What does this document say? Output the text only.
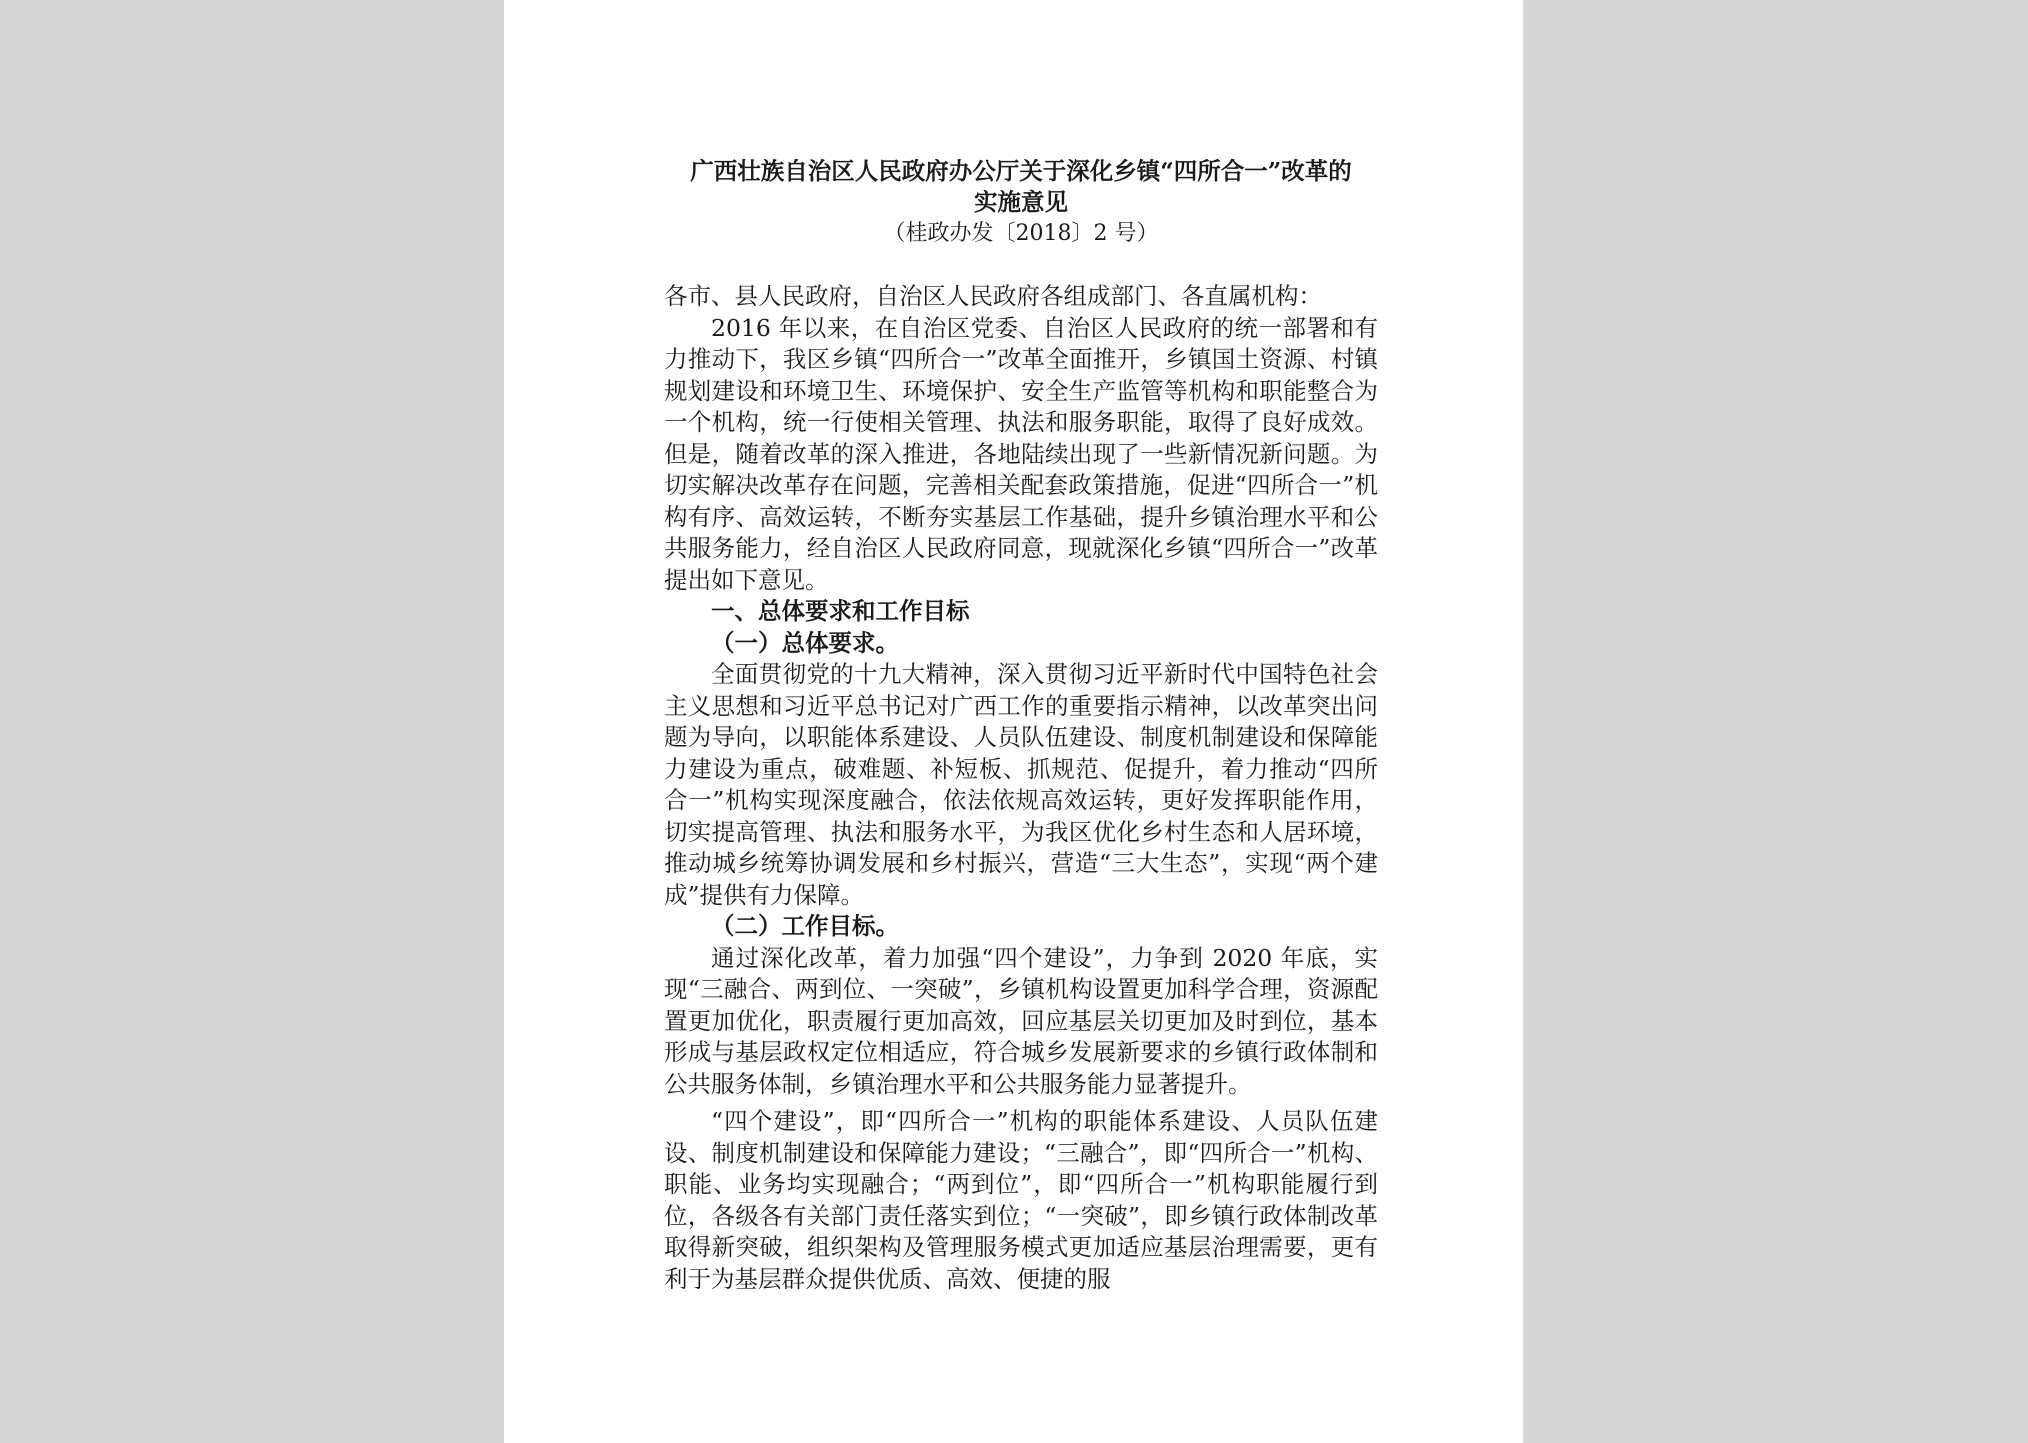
广西壮族自治区人民政府办公厅关于深化乡镇“四所合一”改革的
实施意见
（桂政办发〔2018〕2 号）

各市、县人民政府，自治区人民政府各组成部门、各直属机构：

2016 年以来，在自治区党委、自治区人民政府的统一部署和有力推动下，我区乡镇“四所合一”改革全面推开，乡镇国土资源、村镇规划建设和环境卫生、环境保护、安全生产监管等机构和职能整合为一个机构，统一行使相关管理、执法和服务职能，取得了良好成效。但是，随着改革的深入推进，各地陆续出现了一些新情况新问题。为切实解决改革存在问题，完善相关配套政策措施，促进“四所合一”机构有序、高效运转，不断夯实基层工作基础，提升乡镇治理水平和公共服务能力，经自治区人民政府同意，现就深化乡镇“四所合一”改革提出如下意见。

一、总体要求和工作目标

（一）总体要求。

全面贯彻党的十九大精神，深入贯彻习近平新时代中国特色社会主义思想和习近平总书记对广西工作的重要指示精神，以改革突出问题为导向，以职能体系建设、人员队伍建设、制度机制建设和保障能力建设为重点，破难题、补短板、抓规范、促提升，着力推动“四所合一”机构实现深度融合，依法依规高效运转，更好发挥职能作用，切实提高管理、执法和服务水平，为我区优化乡村生态和人居环境，推动城乡统筹协调发展和乡村振兴，营造“三大生态”，实现“两个建成”提供有力保障。

（二）工作目标。

通过深化改革，着力加强“四个建设”，力争到 2020 年底，实现“三融合、两到位、一突破”，乡镇机构设置更加科学合理，资源配置更加优化，职责履行更加高效，回应基层关切更加及时到位，基本形成与基层政权定位相适应，符合城乡发展新要求的乡镇行政体制和公共服务体制，乡镇治理水平和公共服务能力显著提升。

“四个建设”，即“四所合一”机构的职能体系建设、人员队伍建设、制度机制建设和保障能力建设；“三融合”，即“四所合一”机构、职能、业务均实现融合；“两到位”，即“四所合一”机构职能履行到位，各级各有关部门责任落实到位；“一突破”，即乡镇行政体制改革取得新突破，组织架构及管理服务模式更加适应基层治理需要，更有利于为基层群众提供优质、高效、便捷的服
